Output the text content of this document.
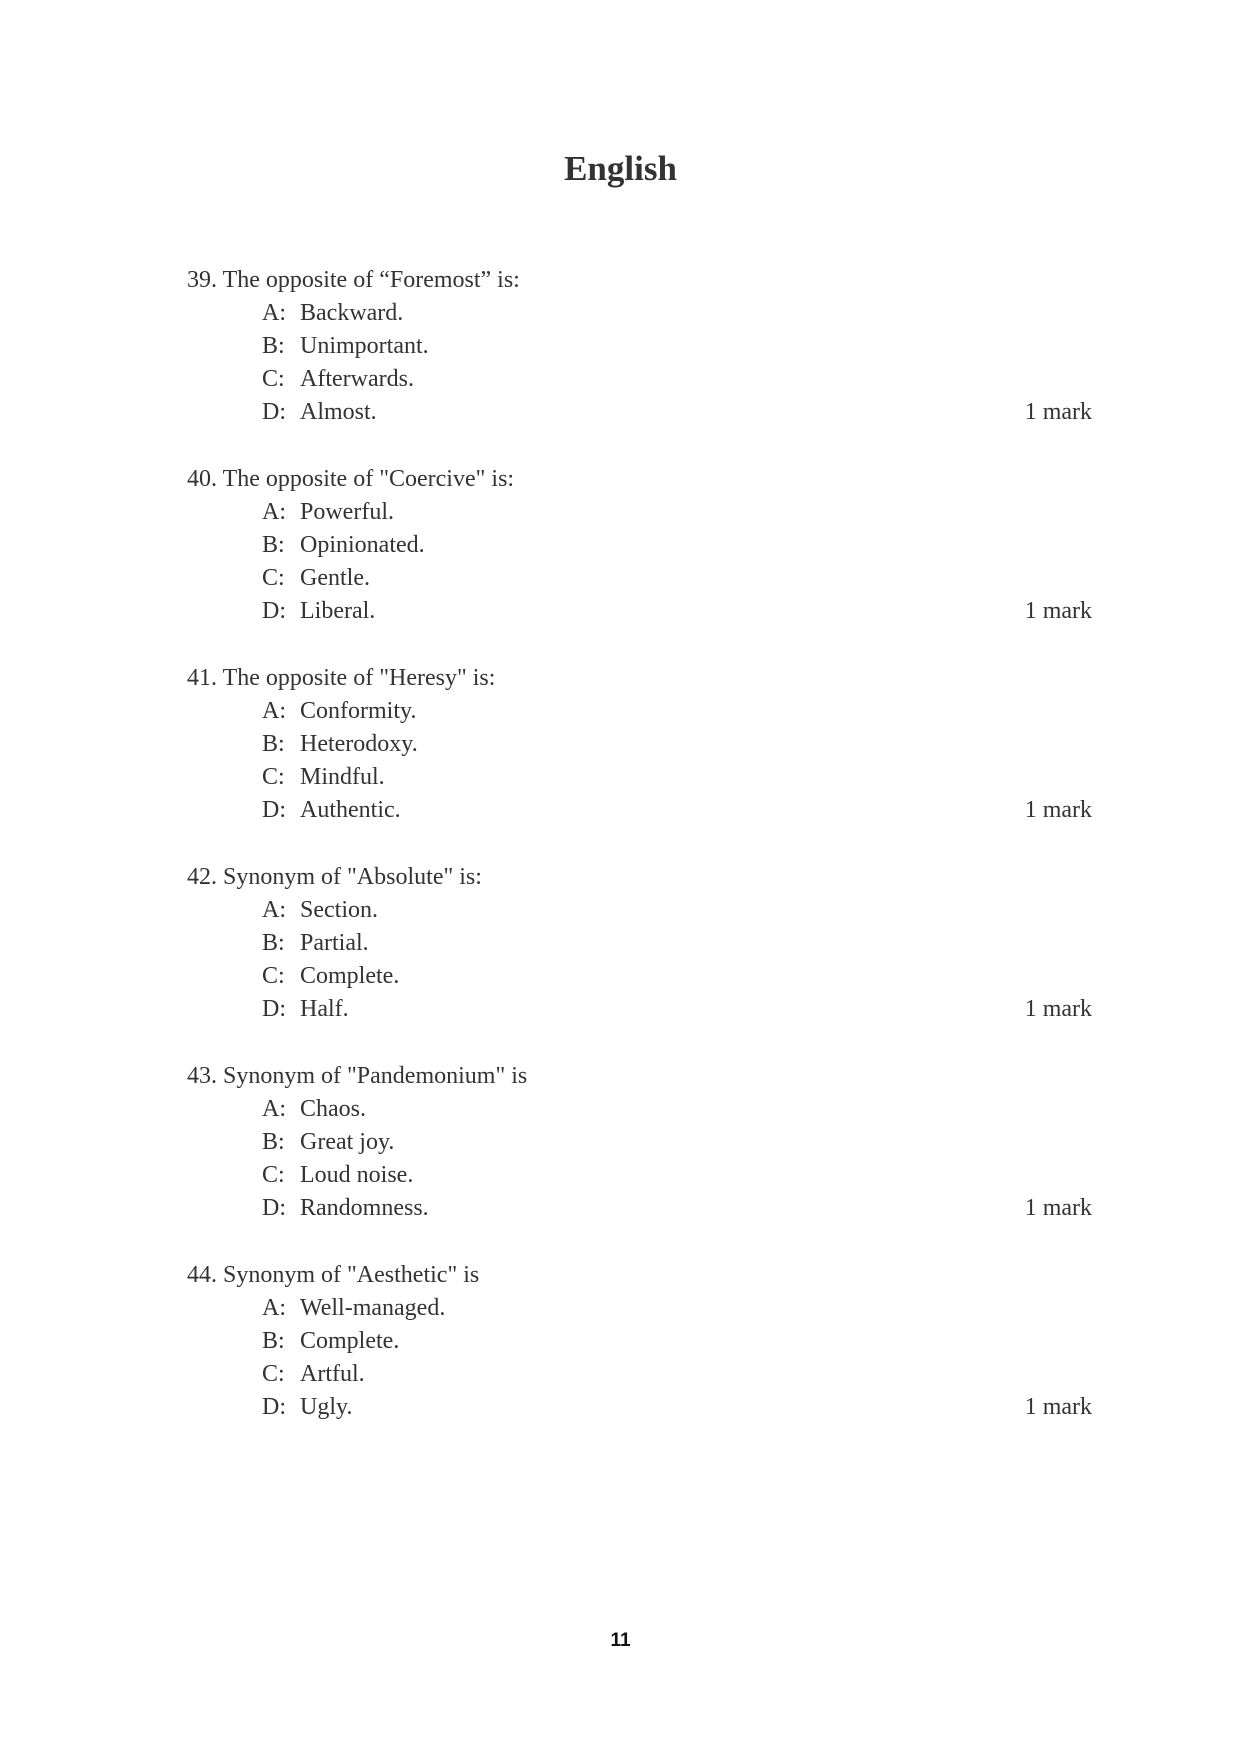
English
39. The opposite of “Foremost” is:
A: Backward.
B: Unimportant.
C: Afterwards.
D: Almost.	1 mark
40. The opposite of "Coercive" is:
A: Powerful.
B: Opinionated.
C: Gentle.
D: Liberal.	1 mark
41. The opposite of "Heresy" is:
A: Conformity.
B: Heterodoxy.
C: Mindful.
D: Authentic.	1 mark
42. Synonym of "Absolute" is:
A: Section.
B: Partial.
C: Complete.
D: Half.	1 mark
43. Synonym of "Pandemonium" is
A: Chaos.
B: Great joy.
C: Loud noise.
D: Randomness.	1 mark
44. Synonym of "Aesthetic" is
A: Well-managed.
B: Complete.
C: Artful.
D: Ugly.	1 mark
11
